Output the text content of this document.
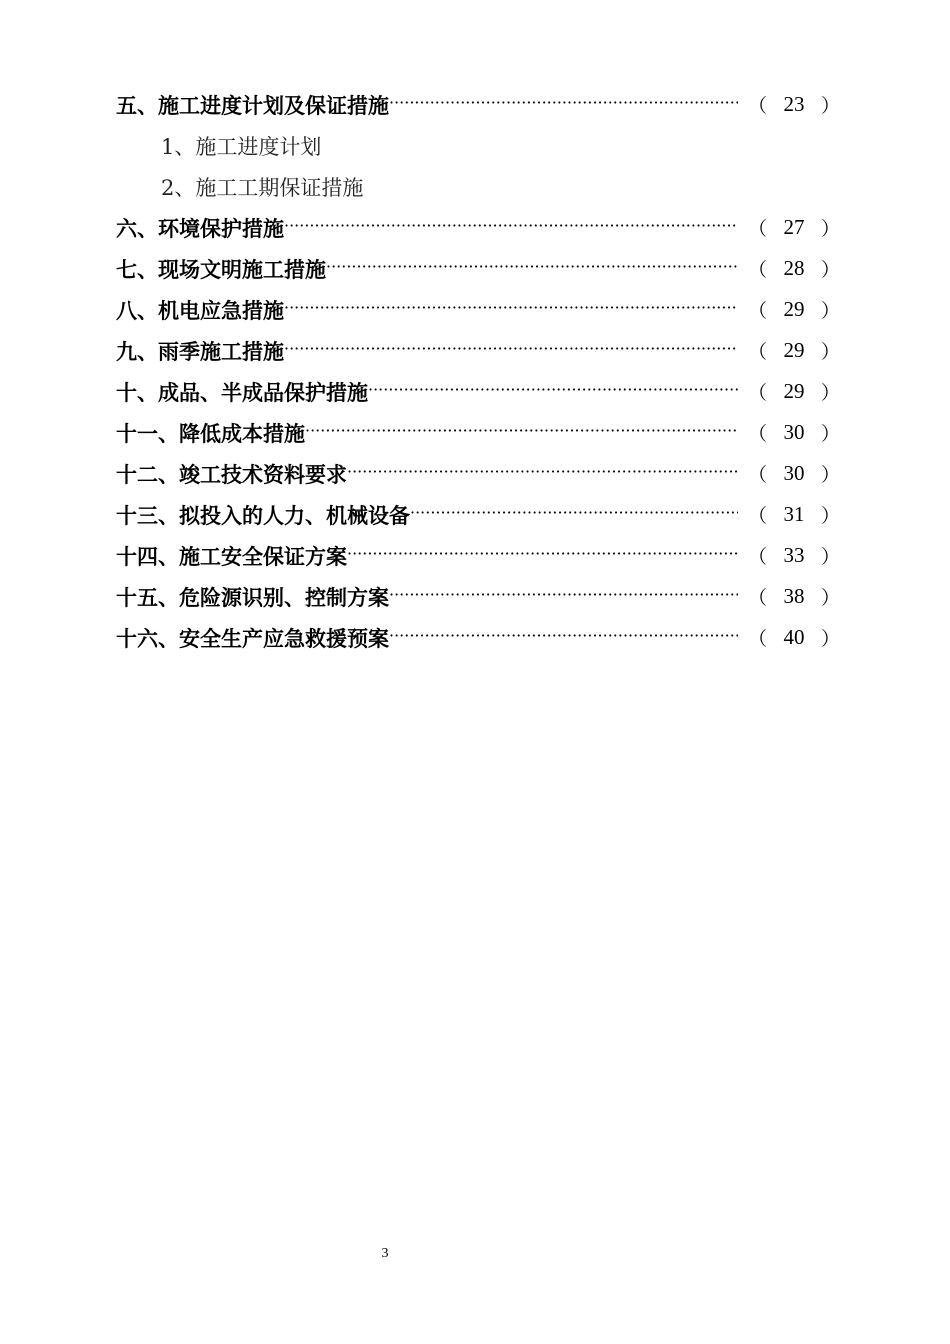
五、施工进度计划及保证措施 ·····	（ 23 ）
1、施工进度计划
2、施工工期保证措施
六、环境保护措施 ·····	（ 27 ）
七、现场文明施工措施 ·····	（ 28 ）
八、机电应急措施 ·····	（ 29 ）
九、雨季施工措施 ·····	（ 29 ）
十、成品、半成品保护措施 ·····	（ 29 ）
十一、降低成本措施 ·····	（ 30 ）
十二、竣工技术资料要求 ·····	（ 30 ）
十三、拟投入的人力、机械设备 ·····	（ 31 ）
十四、施工安全保证方案 ·····	（ 33 ）
十五、危险源识别、控制方案 ·····	（ 38 ）
十六、安全生产应急救援预案 ·····	（ 40 ）
3
